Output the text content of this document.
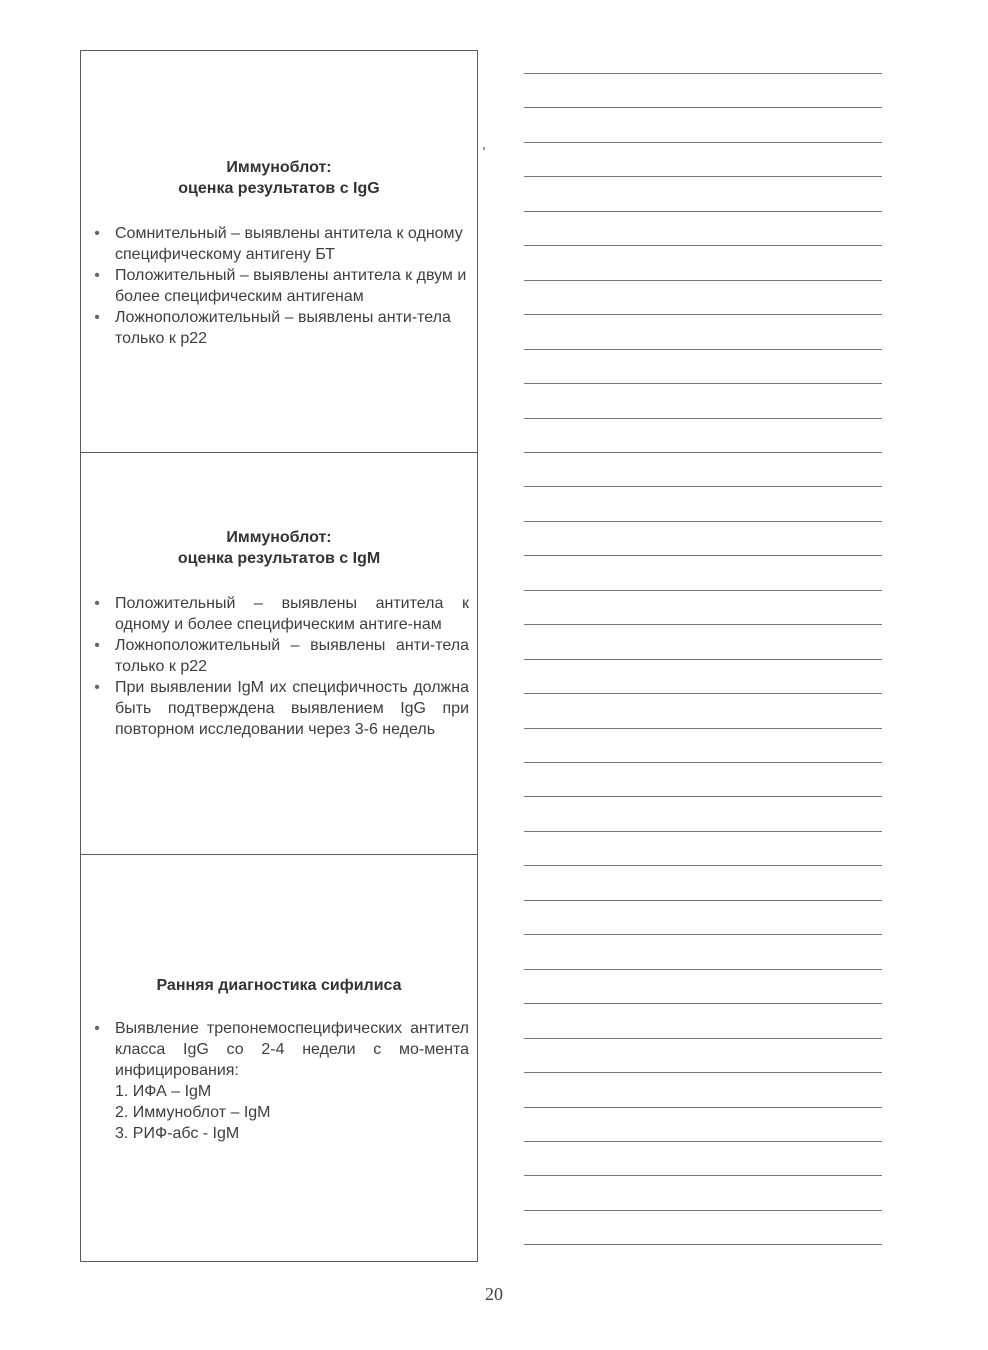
Иммуноблот:
оценка результатов с IgG
• Сомнительный – выявлены антитела к одному специфическому антигену БТ
• Положительный – выявлены антитела к двум и более специфическим антигенам
• Ложноположительный – выявлены анти-тела только к р22
Иммуноблот:
оценка результатов с IgM
• Положительный – выявлены антитела к одному и более специфическим антиге-нам
• Ложноположительный – выявлены анти-тела только к р22
• При выявлении IgM их специфичность должна быть подтверждена выявлением IgG при повторном исследовании через 3-6 недель
Ранняя диагностика сифилиса
• Выявление трепонемоспецифических антител класса IgG со 2-4 недели с мо-мента инфицирования:
1. ИФА – IgM
2. Иммуноблот – IgM
3. РИФ-абс - IgM
20
